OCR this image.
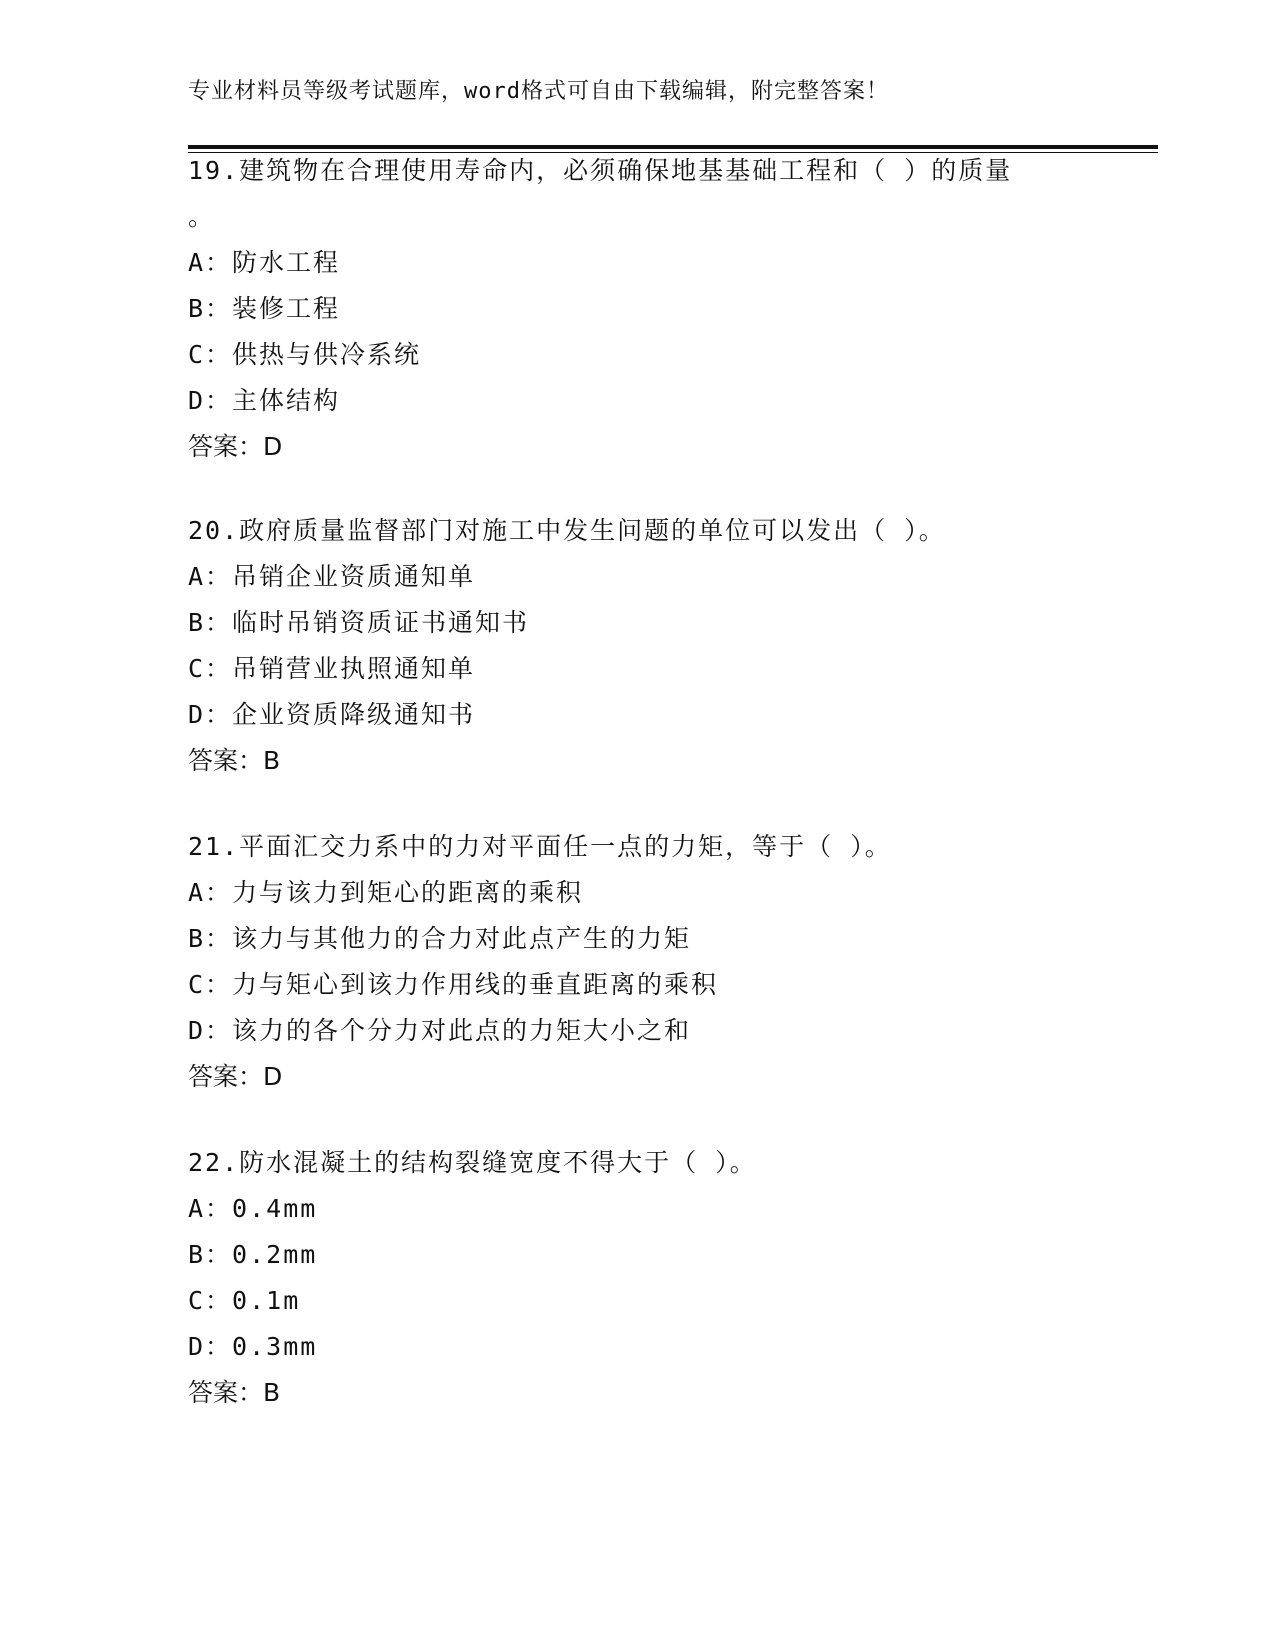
专业材料员等级考试题库，word格式可自由下载编辑，附完整答案！
19.建筑物在合理使用寿命内，必须确保地基基础工程和（ ）的质量
。
A：防水工程
B：装修工程
C：供热与供冷系统
D：主体结构
答案：D
20.政府质量监督部门对施工中发生问题的单位可以发出（ ）。
A：吊销企业资质通知单
B：临时吊销资质证书通知书
C：吊销营业执照通知单
D：企业资质降级通知书
答案：B
21.平面汇交力系中的力对平面任一点的力矩，等于（ ）。
A：力与该力到矩心的距离的乘积
B：该力与其他力的合力对此点产生的力矩
C：力与矩心到该力作用线的垂直距离的乘积
D：该力的各个分力对此点的力矩大小之和
答案：D
22.防水混凝土的结构裂缝宽度不得大于（ ）。
A：0.4mm
B：0.2mm
C：0.1m
D：0.3mm
答案：B
